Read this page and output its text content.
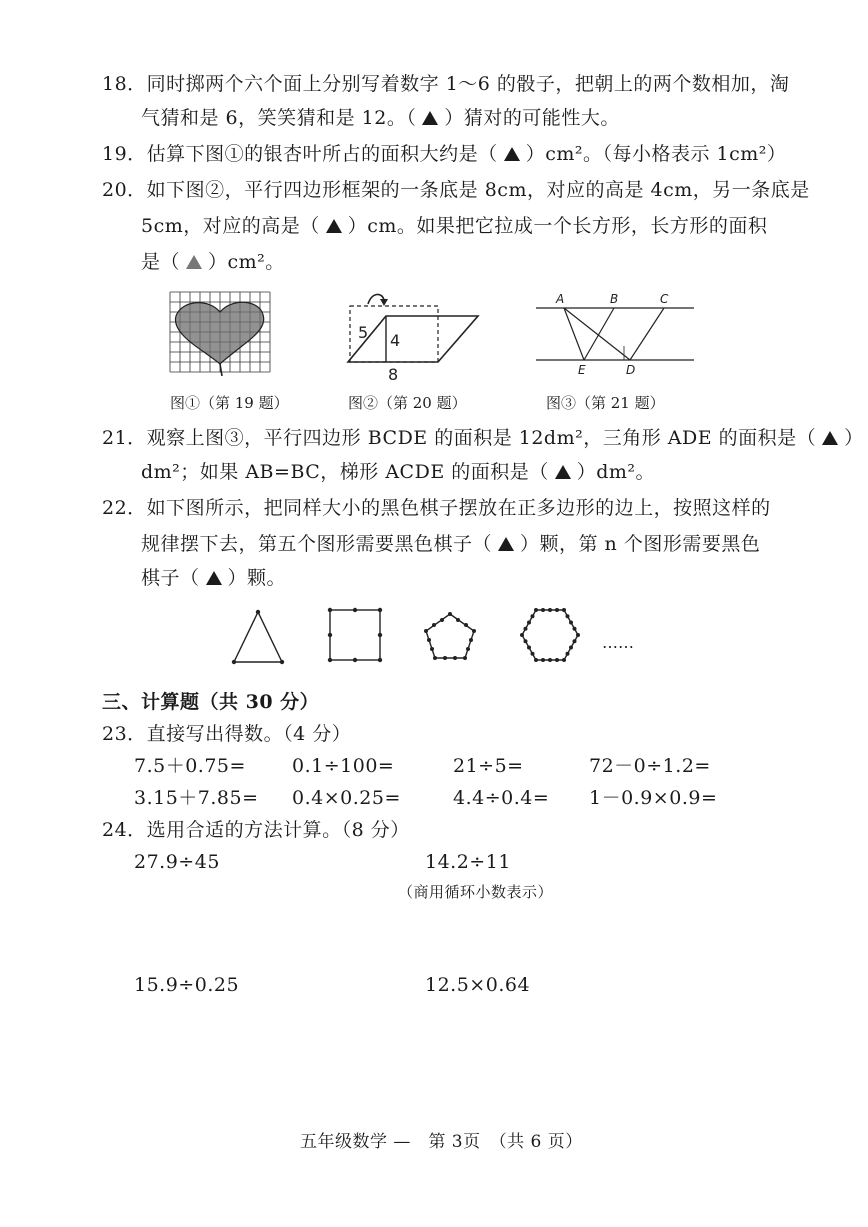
18．同时掷两个六个面上分别写着数字 1～6 的骰子，把朝上的两个数相加，淘
气猜和是 6，笑笑猜和是 12。（ ）猜对的可能性大。
19．估算下图①的银杏叶所占的面积大约是（ ）cm²。（每小格表示 1cm²）
20．如下图②，平行四边形框架的一条底是 8cm，对应的高是 4cm，另一条底是
5cm，对应的高是（ ）cm。如果把它拉成一个长方形，长方形的面积
是（ ）cm²。
5 4
8
A	B	C
E	D
图①（第 19 题）	图②（第 20 题）	图③（第 21 题）
21．观察上图③，平行四边形 BCDE 的面积是 12dm²，三角形 ADE 的面积是（ ）
dm²；如果 AB=BC，梯形 ACDE 的面积是（ ）dm²。
22．如下图所示，把同样大小的黑色棋子摆放在正多边形的边上，按照这样的
规律摆下去，第五个图形需要黑色棋子（ ）颗，第 n 个图形需要黑色
棋子（ ）颗。
……
三、计算题（共 30 分）
23．直接写出得数。（4 分）
7.5＋0.75= 0.1÷100=	21÷5=	72－0÷1.2=
3.15＋7.85= 0.4×0.25=	4.4÷0.4= 1－0.9×0.9=
24．选用合适的方法计算。（8 分）
27.9÷45	14.2÷11
（商用循环小数表示）
15.9÷0.25	12.5×0.64
五年级数学 —　第 3页　（共 6 页）
